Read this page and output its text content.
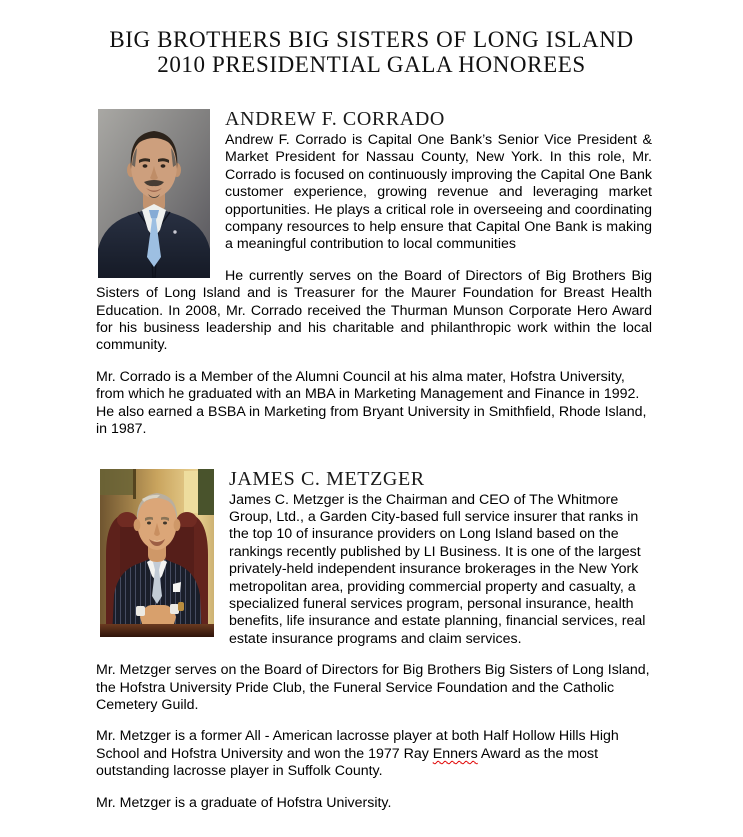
BIG BROTHERS BIG SISTERS OF LONG ISLAND
2010 PRESIDENTIAL GALA HONOREES
ANDREW F. CORRADO

Andrew F. Corrado is Capital One Bank’s Senior Vice President & Market President for Nassau County, New York. In this role, Mr. Corrado is focused on continuously improving the Capital One Bank customer experience, growing revenue and leveraging market opportunities. He plays a critical role in overseeing and coordinating company resources to help ensure that Capital One Bank is making a meaningful contribution to local communities

He currently serves on the Board of Directors of Big Brothers Big Sisters of Long Island and is Treasurer for the Maurer Foundation for Breast Health Education. In 2008, Mr. Corrado received the Thurman Munson Corporate Hero Award for his business leadership and his charitable and philanthropic work within the local community.

Mr. Corrado is a Member of the Alumni Council at his alma mater, Hofstra University, from which he graduated with an MBA in Marketing Management and Finance in 1992. He also earned a BSBA in Marketing from Bryant University in Smithfield, Rhode Island, in 1987.

JAMES C. METZGER

James C. Metzger is the Chairman and CEO of The Whitmore Group, Ltd., a Garden City-based full service insurer that ranks in the top 10 of insurance providers on Long Island based on the rankings recently published by LI Business. It is one of the largest privately-held independent insurance brokerages in the New York metropolitan area, providing commercial property and casualty, a specialized funeral services program, personal insurance, health benefits, life insurance and estate planning, financial services, real estate insurance programs and claim services.

Mr. Metzger serves on the Board of Directors for Big Brothers Big Sisters of Long Island, the Hofstra University Pride Club, the Funeral Service Foundation and the Catholic Cemetery Guild.

Mr. Metzger is a former All - American lacrosse player at both Half Hollow Hills High School and Hofstra University and won the 1977 Ray Enners Award as the most outstanding lacrosse player in Suffolk County.

Mr. Metzger is a graduate of Hofstra University.
